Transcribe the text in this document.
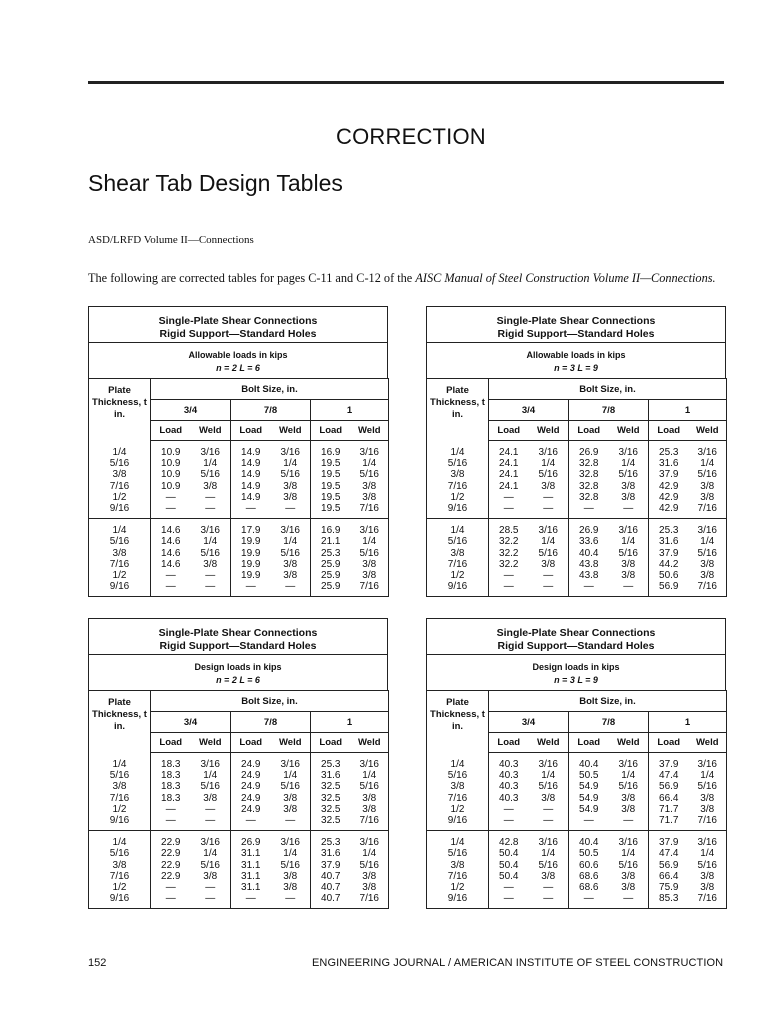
CORRECTION
Shear Tab Design Tables
ASD/LRFD Volume II—Connections
The following are corrected tables for pages C-11 and C-12 of the AISC Manual of Steel Construction Volume II—Connections.
Single-Plate Shear Connections
Rigid Support—Standard Holes
Allowable loads in kips
n = 2 L = 6
Plate
Thickness, t
in.	Bolt Size, in.					
	3/4		7/8		1	
	Load	Weld	Load	Weld	Load	Weld
1/4	10.9	3/16	14.9	3/16	16.9	3/16
5/16	10.9	1/4	14.9	1/4	19.5	1/4
3/8	10.9	5/16	14.9	5/16	19.5	5/16
7/16	10.9	3/8	14.9	3/8	19.5	3/8
1/2	—	—	14.9	3/8	19.5	3/8
9/16	—	—	—	—	19.5	7/16
1/4	14.6	3/16	17.9	3/16	16.9	3/16
5/16	14.6	1/4	19.9	1/4	21.1	1/4
3/8	14.6	5/16	19.9	5/16	25.3	5/16
7/16	14.6	3/8	19.9	3/8	25.9	3/8
1/2	—	—	19.9	3/8	25.9	3/8
9/16	—	—	—	—	25.9	7/16
Single-Plate Shear Connections
Rigid Support—Standard Holes
Allowable loads in kips
n = 3 L = 9
Plate
Thickness, t
in.	Bolt Size, in.					
	3/4		7/8		1	
	Load	Weld	Load	Weld	Load	Weld
1/4	24.1	3/16	26.9	3/16	25.3	3/16
5/16	24.1	1/4	32.8	1/4	31.6	1/4
3/8	24.1	5/16	32.8	5/16	37.9	5/16
7/16	24.1	3/8	32.8	3/8	42.9	3/8
1/2	—	—	32.8	3/8	42.9	3/8
9/16	—	—	—	—	42.9	7/16
1/4	28.5	3/16	26.9	3/16	25.3	3/16
5/16	32.2	1/4	33.6	1/4	31.6	1/4
3/8	32.2	5/16	40.4	5/16	37.9	5/16
7/16	32.2	3/8	43.8	3/8	44.2	3/8
1/2	—	—	43.8	3/8	50.6	3/8
9/16	—	—	—	—	56.9	7/16
Single-Plate Shear Connections
Rigid Support—Standard Holes
Design loads in kips
n = 2 L = 6
Plate
Thickness, t
in.	Bolt Size, in.					
	3/4		7/8		1	
	Load	Weld	Load	Weld	Load	Weld
1/4	18.3	3/16	24.9	3/16	25.3	3/16
5/16	18.3	1/4	24.9	1/4	31.6	1/4
3/8	18.3	5/16	24.9	5/16	32.5	5/16
7/16	18.3	3/8	24.9	3/8	32.5	3/8
1/2	—	—	24.9	3/8	32.5	3/8
9/16	—	—	—	—	32.5	7/16
1/4	22.9	3/16	26.9	3/16	25.3	3/16
5/16	22.9	1/4	31.1	1/4	31.6	1/4
3/8	22.9	5/16	31.1	5/16	37.9	5/16
7/16	22.9	3/8	31.1	3/8	40.7	3/8
1/2	—	—	31.1	3/8	40.7	3/8
9/16	—	—	—	—	40.7	7/16
Single-Plate Shear Connections
Rigid Support—Standard Holes
Design loads in kips
n = 3 L = 9
Plate
Thickness, t
in.	Bolt Size, in.					
	3/4		7/8		1	
	Load	Weld	Load	Weld	Load	Weld
1/4	40.3	3/16	40.4	3/16	37.9	3/16
5/16	40.3	1/4	50.5	1/4	47.4	1/4
3/8	40.3	5/16	54.9	5/16	56.9	5/16
7/16	40.3	3/8	54.9	3/8	66.4	3/8
1/2	—	—	54.9	3/8	71.7	3/8
9/16	—	—	—	—	71.7	7/16
1/4	42.8	3/16	40.4	3/16	37.9	3/16
5/16	50.4	1/4	50.5	1/4	47.4	1/4
3/8	50.4	5/16	60.6	5/16	56.9	5/16
7/16	50.4	3/8	68.6	3/8	66.4	3/8
1/2	—	—	68.6	3/8	75.9	3/8
9/16	—	—	—	—	85.3	7/16
152	ENGINEERING JOURNAL / AMERICAN INSTITUTE OF STEEL CONSTRUCTION
